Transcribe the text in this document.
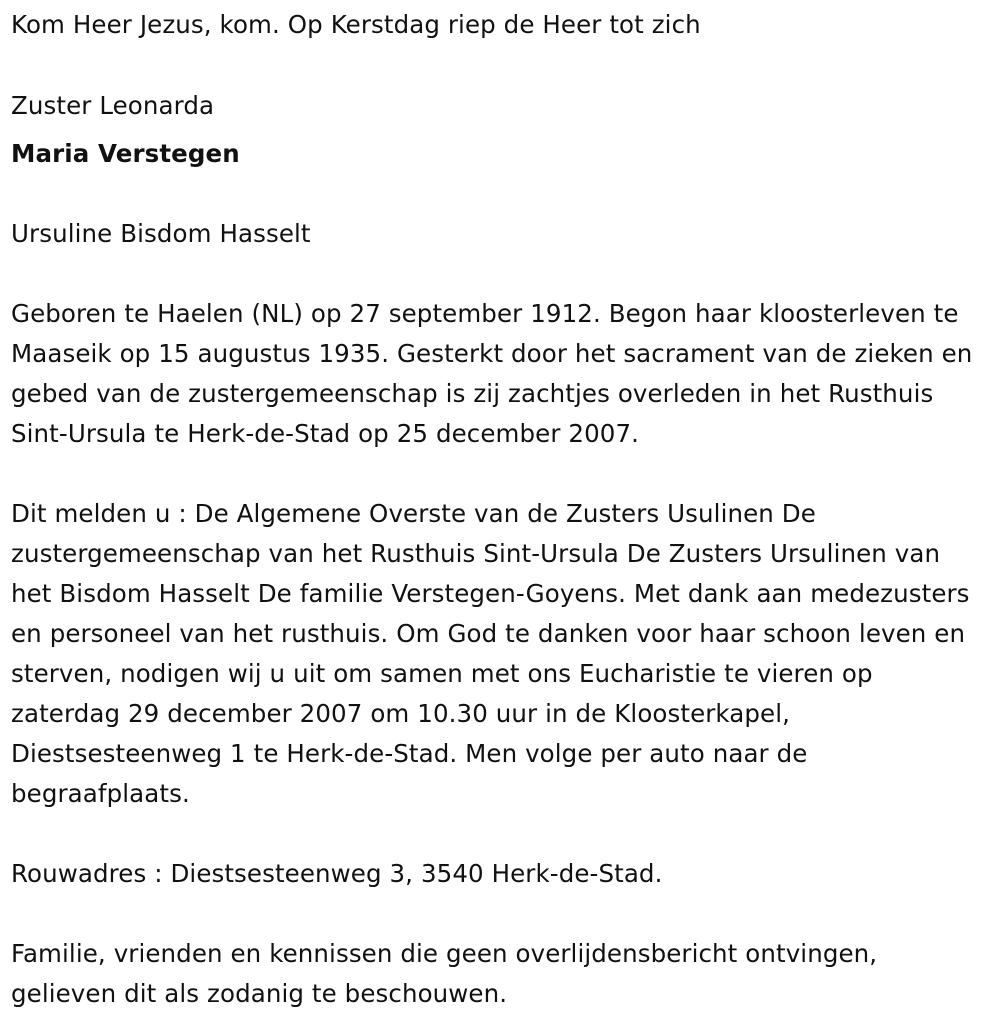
Kom Heer Jezus, kom. Op Kerstdag riep de Heer tot zich
Zuster Leonarda
Maria Verstegen
Ursuline Bisdom Hasselt
Geboren te Haelen (NL) op 27 september 1912. Begon haar kloosterleven te Maaseik op 15 augustus 1935. Gesterkt door het sacrament van de zieken en gebed van de zustergemeenschap is zij zachtjes overleden in het Rusthuis Sint-Ursula te Herk-de-Stad op 25 december 2007.
Dit melden u : De Algemene Overste van de Zusters Usulinen De zustergemeenschap van het Rusthuis Sint-Ursula De Zusters Ursulinen van het Bisdom Hasselt De familie Verstegen-Goyens. Met dank aan medezusters en personeel van het rusthuis. Om God te danken voor haar schoon leven en sterven, nodigen wij u uit om samen met ons Eucharistie te vieren op zaterdag 29 december 2007 om 10.30 uur in de Kloosterkapel, Diestsesteenweg 1 te Herk-de-Stad. Men volge per auto naar de begraafplaats.
Rouwadres : Diestsesteenweg 3, 3540 Herk-de-Stad.
Familie, vrienden en kennissen die geen overlijdensbericht ontvingen, gelieven dit als zodanig te beschouwen.
